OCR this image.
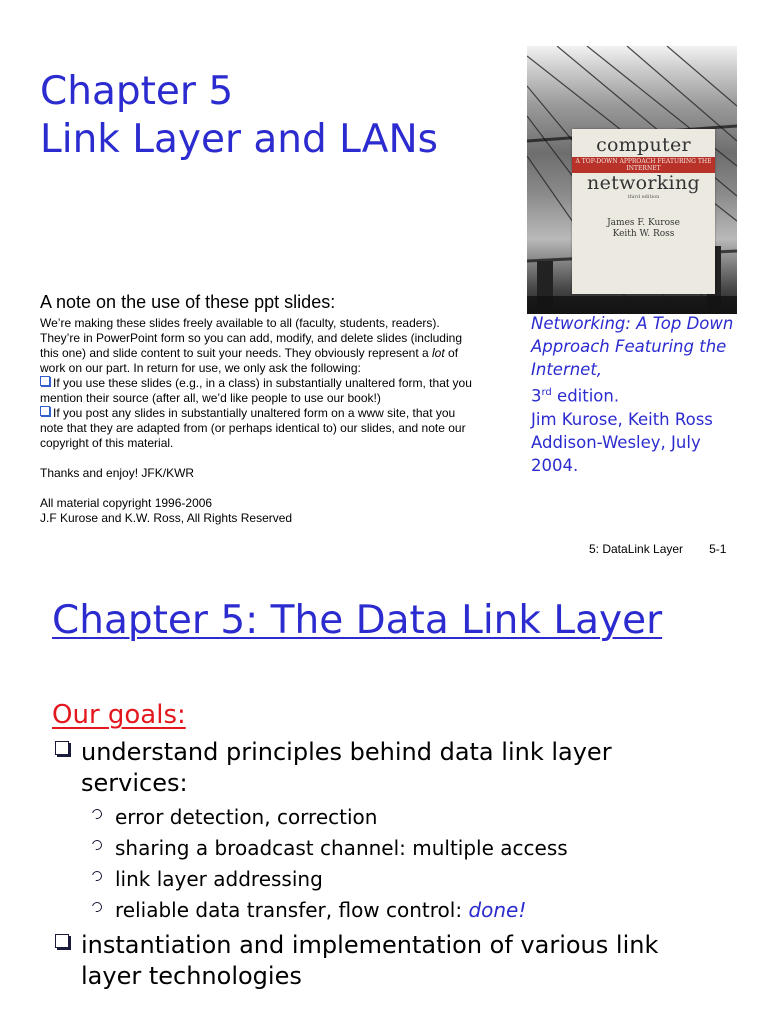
Chapter 5
Link Layer and LANs
A note on the use of these ppt slides:

We’re making these slides freely available to all (faculty, students, readers). They’re in PowerPoint form so you can add, modify, and delete slides (including this one) and slide content to suit your needs. They obviously represent a lot of work on our part. In return for use, we only ask the following:

If you use these slides (e.g., in a class) in substantially unaltered form, that you mention their source (after all, we’d like people to use our book!)

If you post any slides in substantially unaltered form on a www site, that you note that they are adapted from (or perhaps identical to) our slides, and note our copyright of this material.

Thanks and enjoy! JFK/KWR

All material copyright 1996-2006

J.F Kurose and K.W. Ross, All Rights Reserved

computer
A TOP-DOWN APPROACH FEATURING THE INTERNET
networking
third edition
James F. Kurose
Keith W. Ross
Networking: A Top Down Approach Featuring the Internet,
3rd edition.
Jim Kurose, Keith Ross
Addison-Wesley, July 2004.
5: DataLink Layer 5-1
Chapter 5: The Data Link Layer
Our goals:
understand principles behind data link layer services:
error detection, correction
sharing a broadcast channel: multiple access
link layer addressing
reliable data transfer, flow control: done!
instantiation and implementation of various link layer technologies
